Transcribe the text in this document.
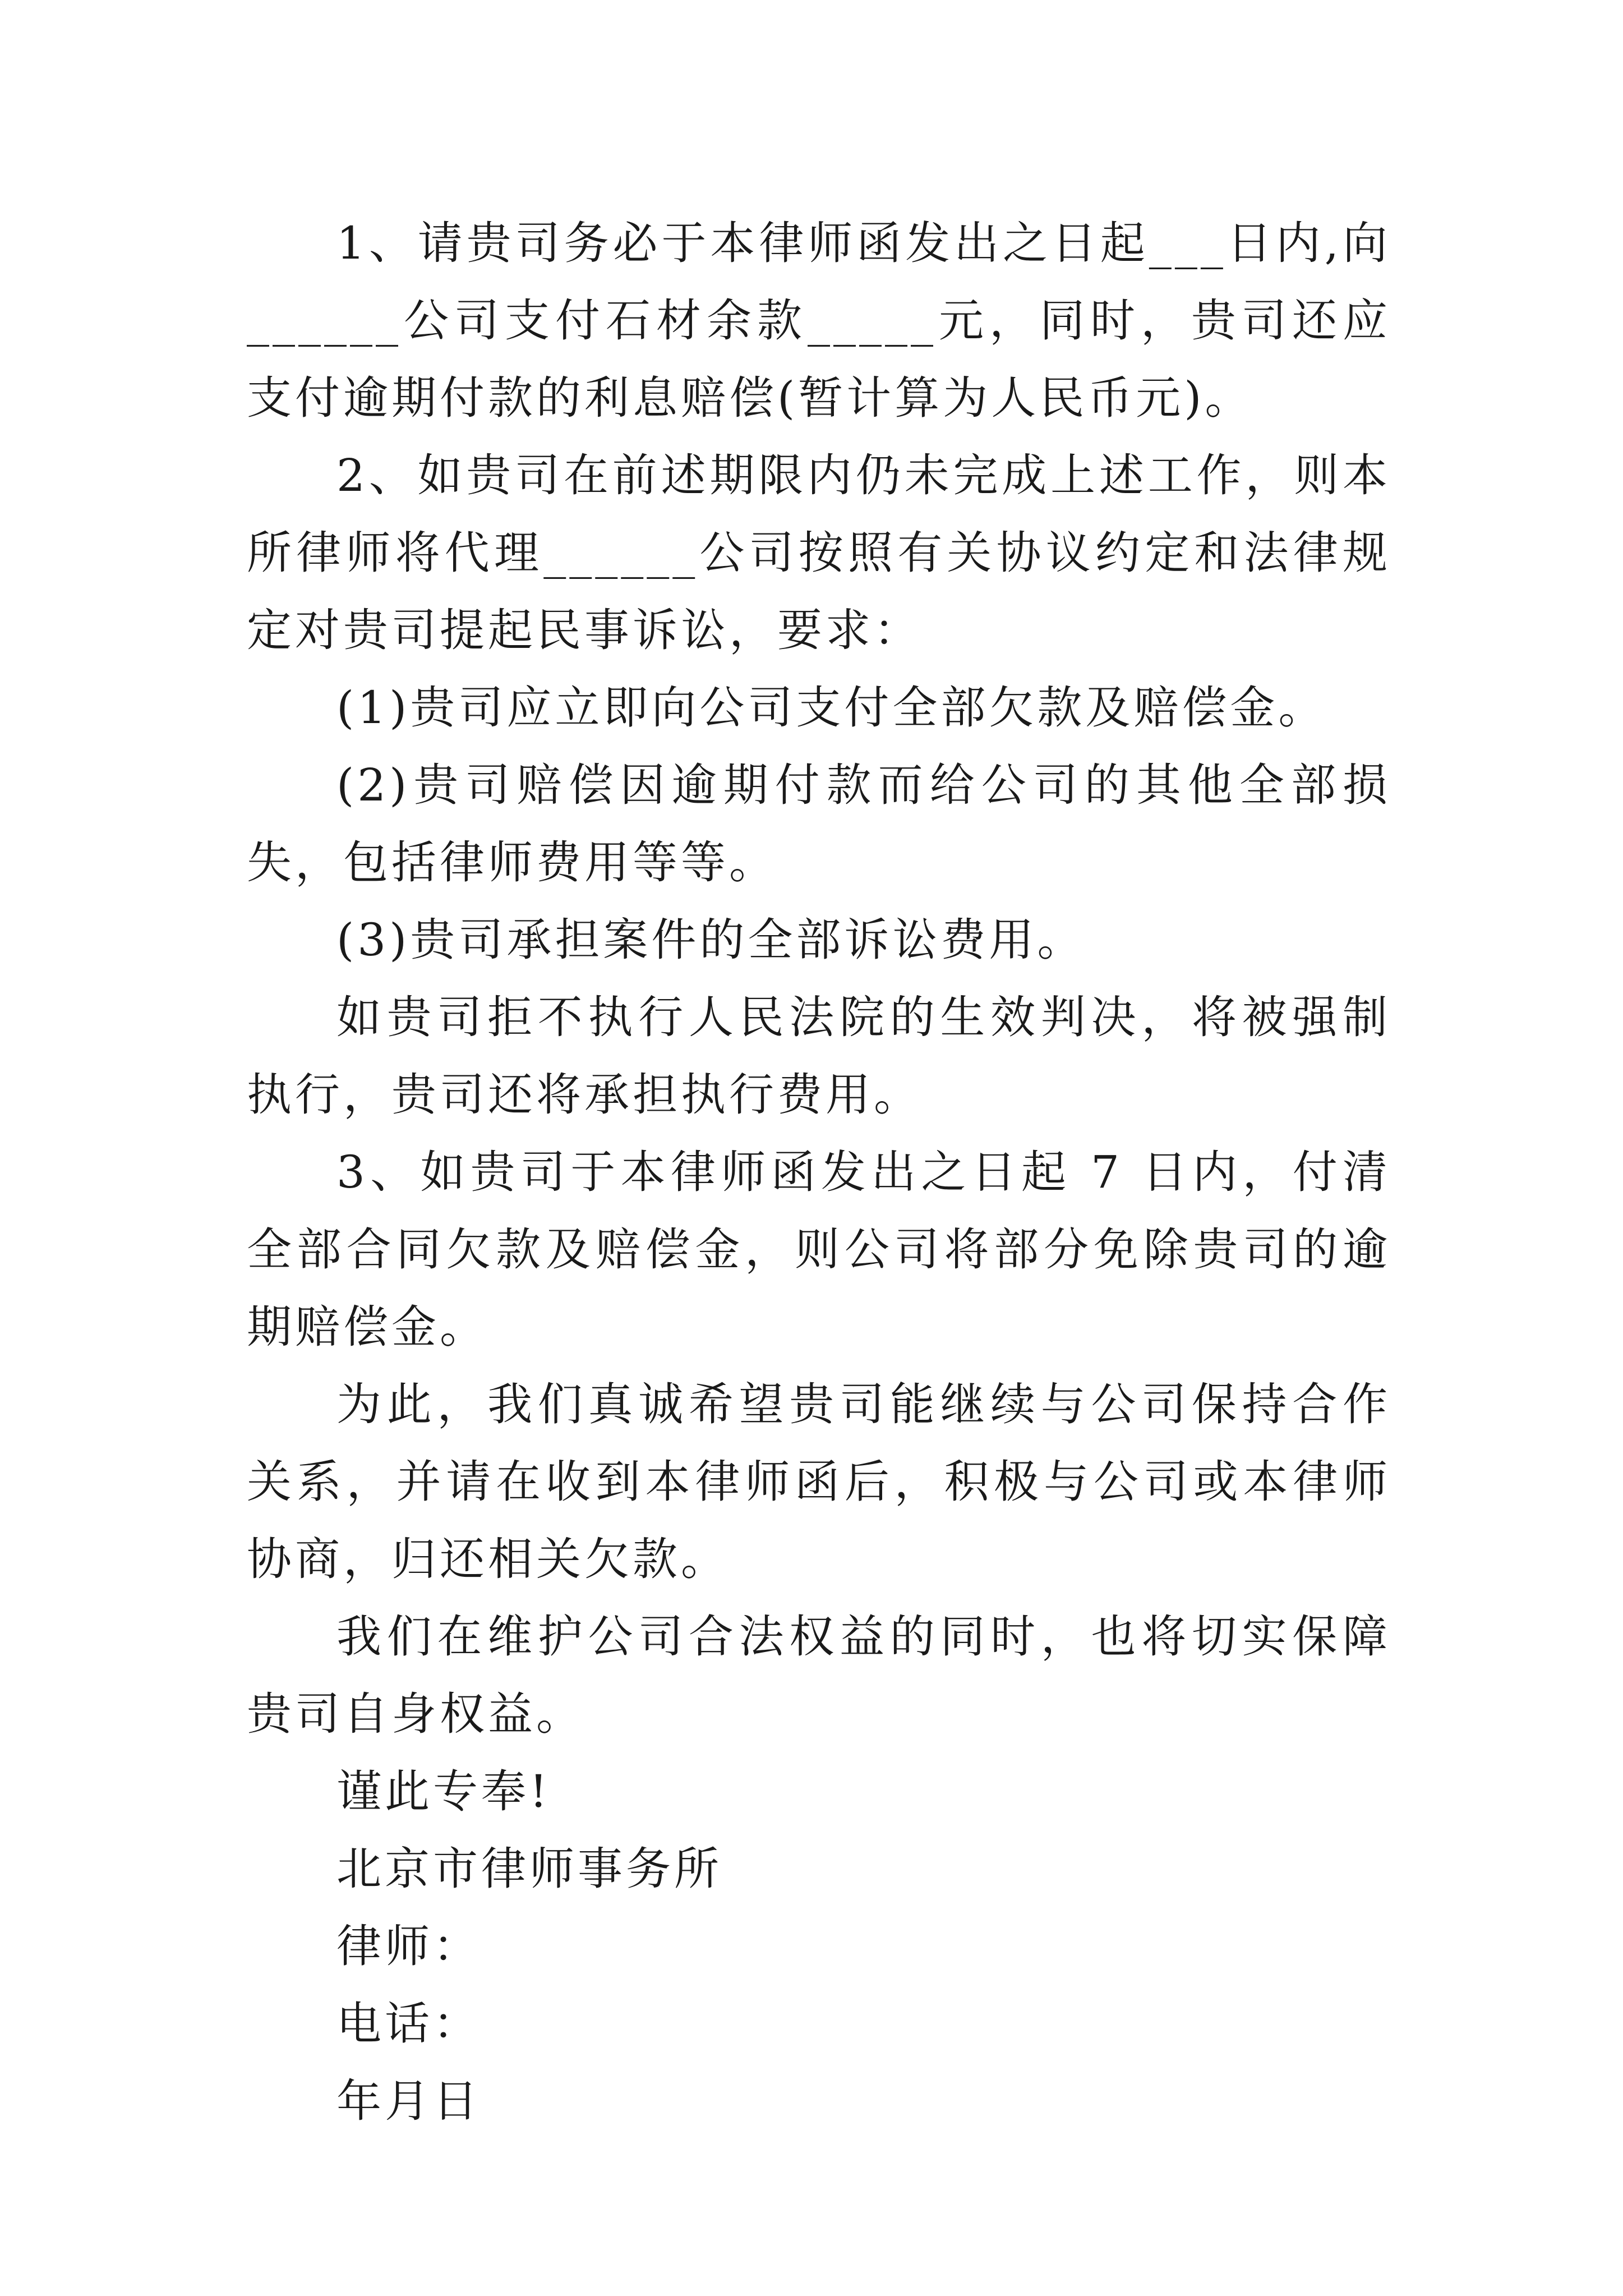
1、请贵司务必于本律师函发出之日起___日内,向______公司支付石材余款_____元，同时，贵司还应支付逾期付款的利息赔偿(暂计算为人民币元)。

2、如贵司在前述期限内仍未完成上述工作，则本所律师将代理______公司按照有关协议约定和法律规定对贵司提起民事诉讼，要求：

(1)贵司应立即向公司支付全部欠款及赔偿金。

(2)贵司赔偿因逾期付款而给公司的其他全部损失，包括律师费用等等。

(3)贵司承担案件的全部诉讼费用。

如贵司拒不执行人民法院的生效判决，将被强制执行，贵司还将承担执行费用。

3、如贵司于本律师函发出之日起 7 日内，付清全部合同欠款及赔偿金，则公司将部分免除贵司的逾期赔偿金。

为此，我们真诚希望贵司能继续与公司保持合作关系，并请在收到本律师函后，积极与公司或本律师协商，归还相关欠款。

我们在维护公司合法权益的同时，也将切实保障贵司自身权益。

谨此专奉!

北京市律师事务所

律师：

电话：

年月日
